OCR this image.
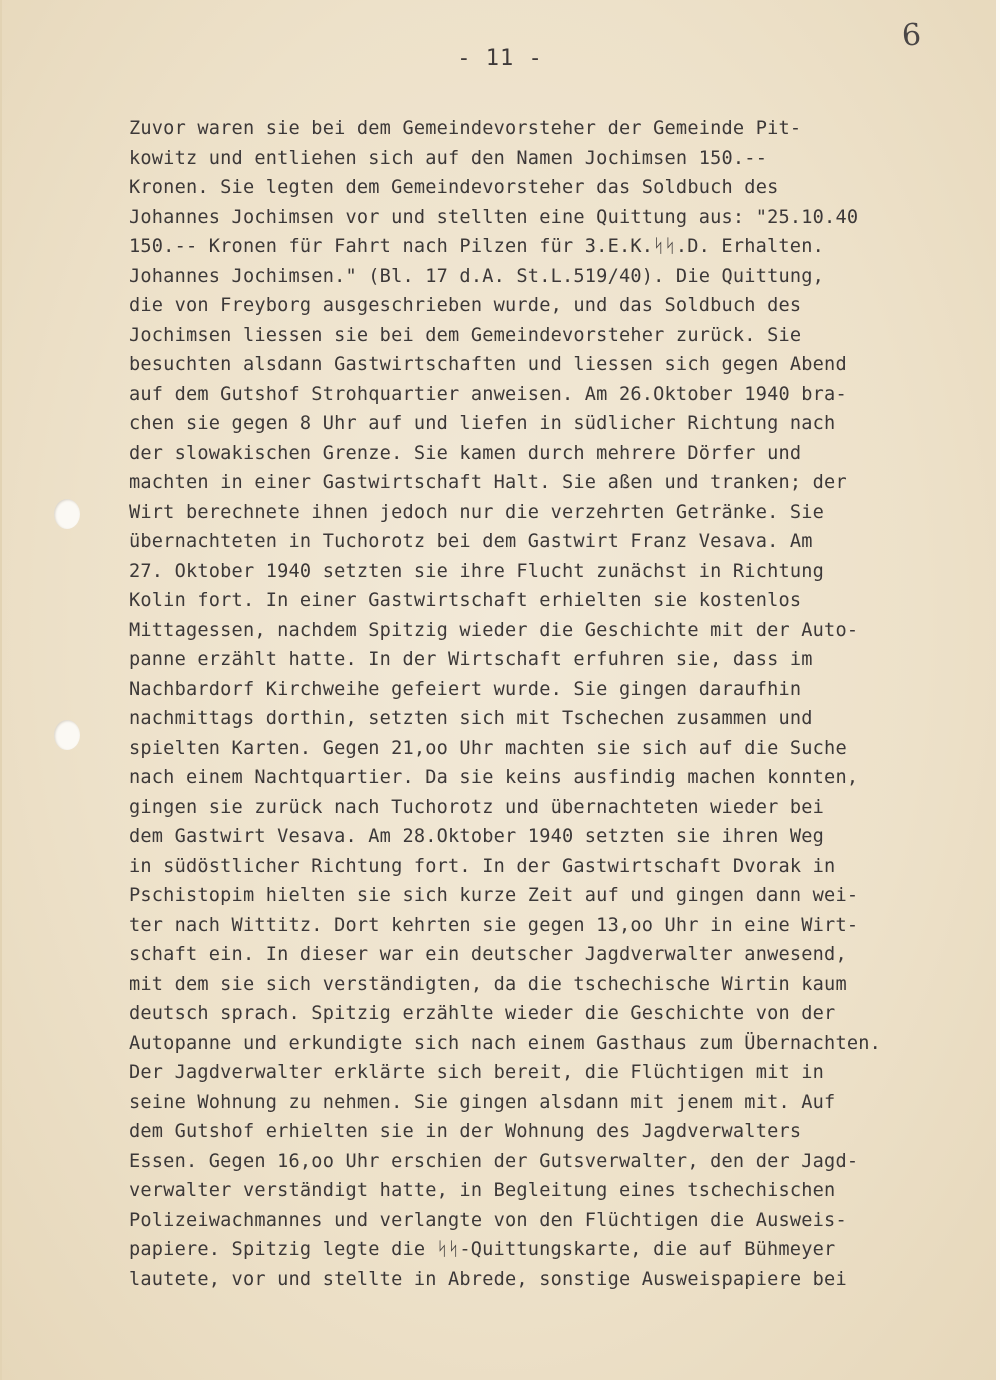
6
- 11 -
Zuvor waren sie bei dem Gemeindevorsteher der Gemeinde Pit-
kowitz und entliehen sich auf den Namen Jochimsen 150.--
Kronen. Sie legten dem Gemeindevorsteher das Soldbuch des
Johannes Jochimsen vor und stellten eine Quittung aus: "25.10.40
150.-- Kronen für Fahrt nach Pilzen für 3.E.K.ᛋᛋ.D. Erhalten.
Johannes Jochimsen." (Bl. 17 d.A. St.L.519/40). Die Quittung,
die von Freyborg ausgeschrieben wurde, und das Soldbuch des
Jochimsen liessen sie bei dem Gemeindevorsteher zurück. Sie
besuchten alsdann Gastwirtschaften und liessen sich gegen Abend
auf dem Gutshof Strohquartier anweisen. Am 26.Oktober 1940 bra-
chen sie gegen 8 Uhr auf und liefen in südlicher Richtung nach
der slowakischen Grenze. Sie kamen durch mehrere Dörfer und
machten in einer Gastwirtschaft Halt. Sie aßen und tranken; der
Wirt berechnete ihnen jedoch nur die verzehrten Getränke. Sie
übernachteten in Tuchorotz bei dem Gastwirt Franz Vesava. Am
27. Oktober 1940 setzten sie ihre Flucht zunächst in Richtung
Kolin fort. In einer Gastwirtschaft erhielten sie kostenlos
Mittagessen, nachdem Spitzig wieder die Geschichte mit der Auto-
panne erzählt hatte. In der Wirtschaft erfuhren sie, dass im
Nachbardorf Kirchweihe gefeiert wurde. Sie gingen daraufhin
nachmittags dorthin, setzten sich mit Tschechen zusammen und
spielten Karten. Gegen 21,oo Uhr machten sie sich auf die Suche
nach einem Nachtquartier. Da sie keins ausfindig machen konnten,
gingen sie zurück nach Tuchorotz und übernachteten wieder bei
dem Gastwirt Vesava. Am 28.Oktober 1940 setzten sie ihren Weg
in südöstlicher Richtung fort. In der Gastwirtschaft Dvorak in
Pschistopim hielten sie sich kurze Zeit auf und gingen dann wei-
ter nach Wittitz. Dort kehrten sie gegen 13,oo Uhr in eine Wirt-
schaft ein. In dieser war ein deutscher Jagdverwalter anwesend,
mit dem sie sich verständigten, da die tschechische Wirtin kaum
deutsch sprach. Spitzig erzählte wieder die Geschichte von der
Autopanne und erkundigte sich nach einem Gasthaus zum Übernachten.
Der Jagdverwalter erklärte sich bereit, die Flüchtigen mit in
seine Wohnung zu nehmen. Sie gingen alsdann mit jenem mit. Auf
dem Gutshof erhielten sie in der Wohnung des Jagdverwalters
Essen. Gegen 16,oo Uhr erschien der Gutsverwalter, den der Jagd-
verwalter verständigt hatte, in Begleitung eines tschechischen
Polizeiwachmannes und verlangte von den Flüchtigen die Ausweis-
papiere. Spitzig legte die ᛋᛋ-Quittungskarte, die auf Bühmeyer
lautete, vor und stellte in Abrede, sonstige Ausweispapiere bei
